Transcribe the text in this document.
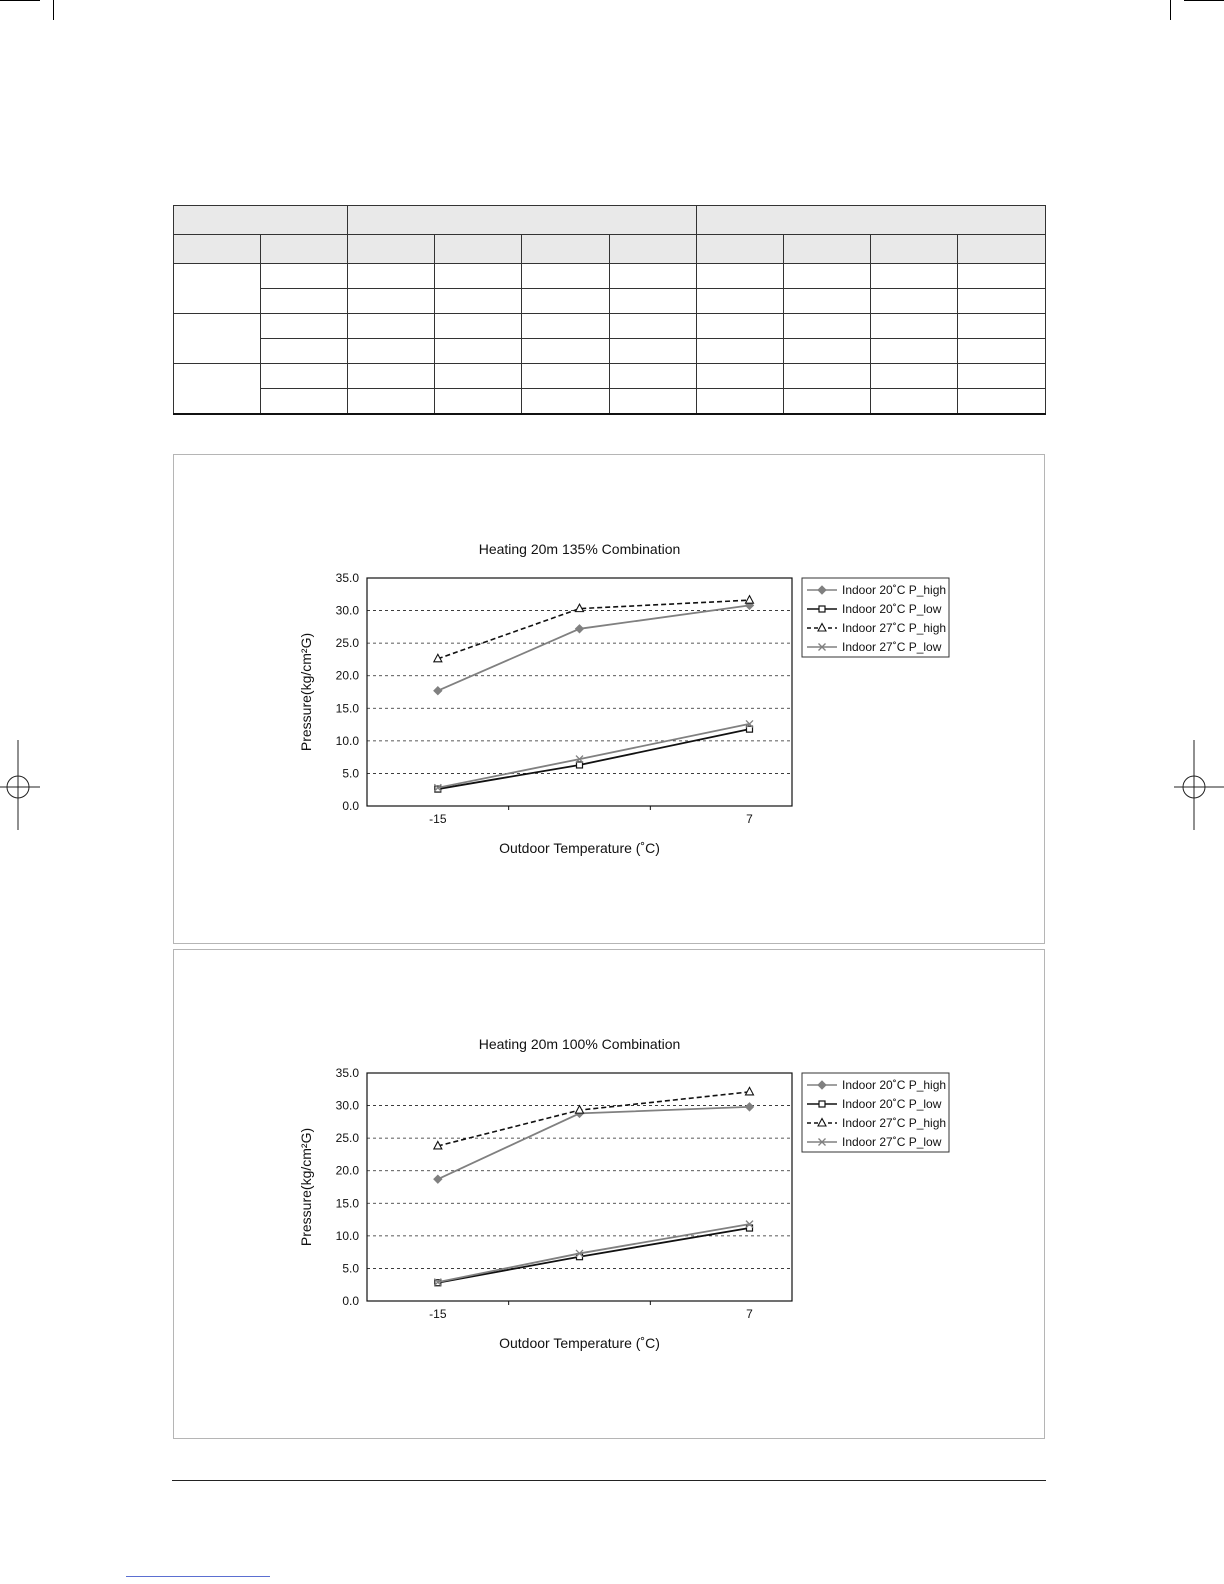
Heating 20m 135% Combination
0.0
5.0
10.0
15.0
20.0
25.0
30.0
35.0
-15	7
Outdoor Temperature (˚C)
Pressure(kg/cm²G)
Indoor 20˚C P_high
Indoor 20˚C P_low
Indoor 27˚C P_high
Indoor 27˚C P_low
Heating 20m 100% Combination
0.0
5.0
10.0
15.0
20.0
25.0
30.0
35.0
-15	7
Outdoor Temperature (˚C)
Pressure(kg/cm²G)
Indoor 20˚C P_high
Indoor 20˚C P_low
Indoor 27˚C P_high
Indoor 27˚C P_low
